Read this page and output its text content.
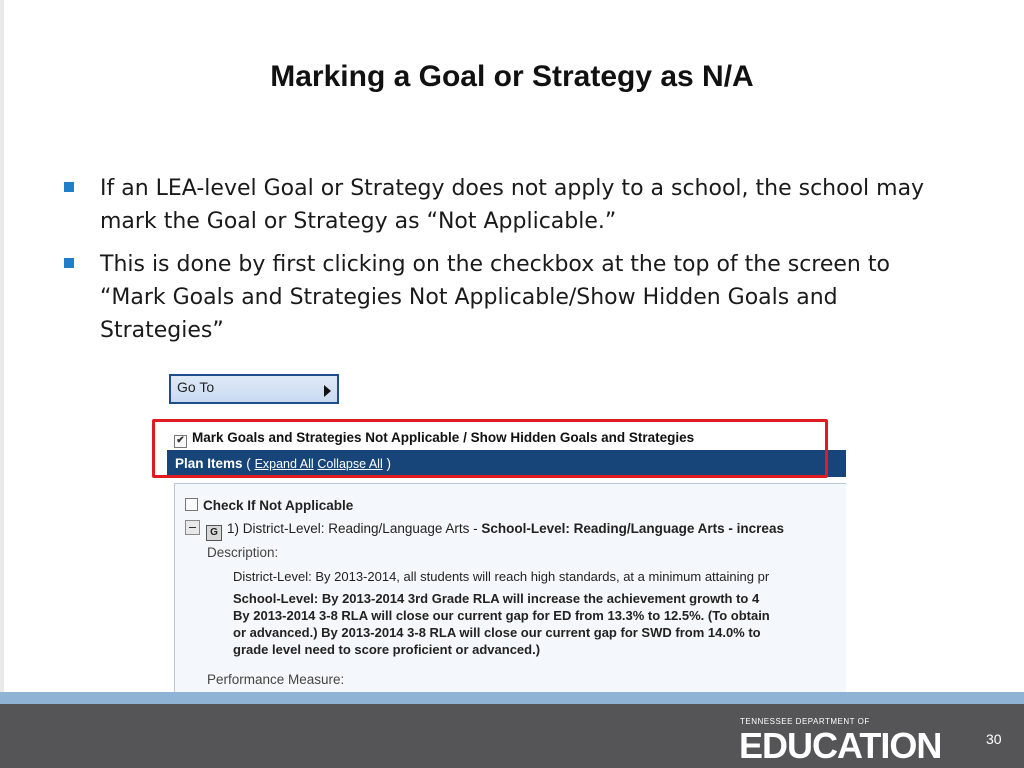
Marking a Goal or Strategy as N/A
If an LEA-level Goal or Strategy does not apply to a school, the school may mark the Goal or Strategy as “Not Applicable.”
This is done by first clicking on the checkbox at the top of the screen to “Mark Goals and Strategies Not Applicable/Show Hidden Goals and Strategies”
Go To
✔ Mark Goals and Strategies Not Applicable / Show Hidden Goals and Strategies
Plan Items ( Expand All Collapse All )
Check If Not Applicable
G 1) District-Level: Reading/Language Arts - School-Level: Reading/Language Arts - increas
Description:
District-Level: By 2013-2014, all students will reach high standards, at a minimum attaining pr
School-Level: By 2013-2014 3rd Grade RLA will increase the achievement growth to 4
By 2013-2014 3-8 RLA will close our current gap for ED from 13.3% to 12.5%. (To obtain
or advanced.) By 2013-2014 3-8 RLA will close our current gap for SWD from 14.0% to
grade level need to score proficient or advanced.)
Performance Measure:
TENNESSEE DEPARTMENT OF
EDUCATION	30
